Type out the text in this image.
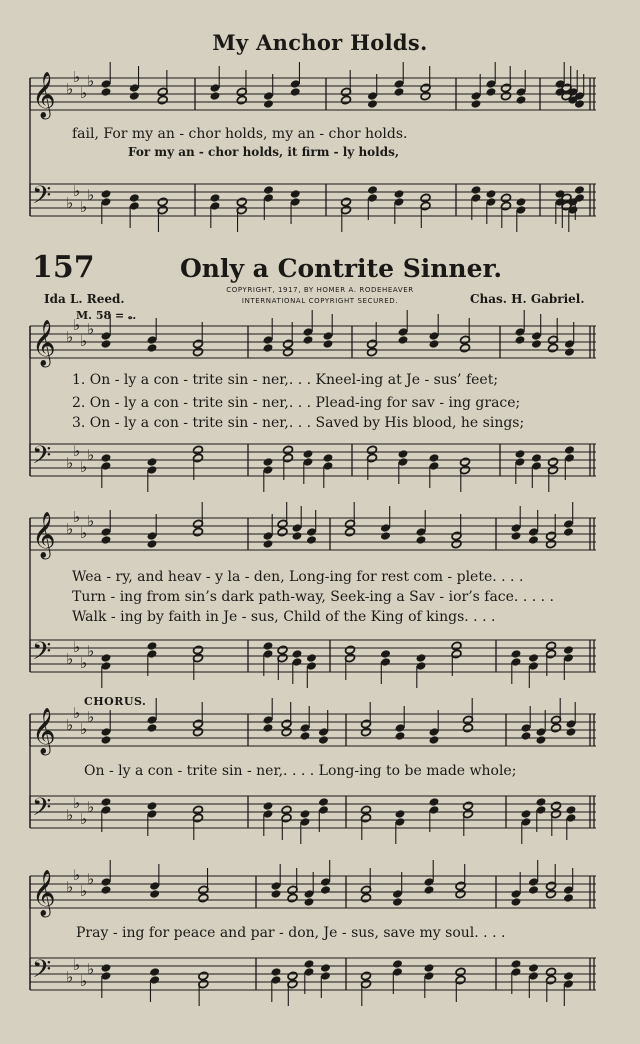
My Anchor Holds.
𝄞 ♭
♭
♭
♭
𝄢 ♭
♭
♭
♭
𝄞 ♭
♭
♭
♭
𝄢 ♭
♭
♭
♭
𝄞 ♭
♭
♭
♭
𝄢 ♭
♭
♭
♭
𝄞 ♭
♭
♭
♭
𝄢 ♭
♭
♭
♭
𝄞 ♭
♭
♭
♭
𝄢 ♭
♭
♭
♭
fail, For my an - chor holds, my an - chor holds.
For my an - chor holds, it firm - ly holds,
157	Only a Contrite Sinner.
Ida L. Reed.	Chas. H. Gabriel.
COPYRIGHT, 1917, BY HOMER A. RODEHEAVER
INTERNATIONAL COPYRIGHT SECURED.
M. 58 = 𝅝.
1. On - ly a con - trite sin - ner,. . . Kneel-ing at Je - sus’ feet;
2. On - ly a con - trite sin - ner,. . . Plead-ing for sav - ing grace;
3. On - ly a con - trite sin - ner,. . . Saved by His blood, he sings;
Wea - ry, and heav - y la - den, Long-ing for rest com - plete. . . .
Turn - ing from sin’s dark path-way, Seek-ing a Sav - ior’s face. . . . .
Walk - ing by faith in Je - sus, Child of the King of kings. . . .
CHORUS.
On - ly a con - trite sin - ner,. . . . Long-ing to be made whole;
Pray - ing for peace and par - don, Je - sus, save my soul. . . .
